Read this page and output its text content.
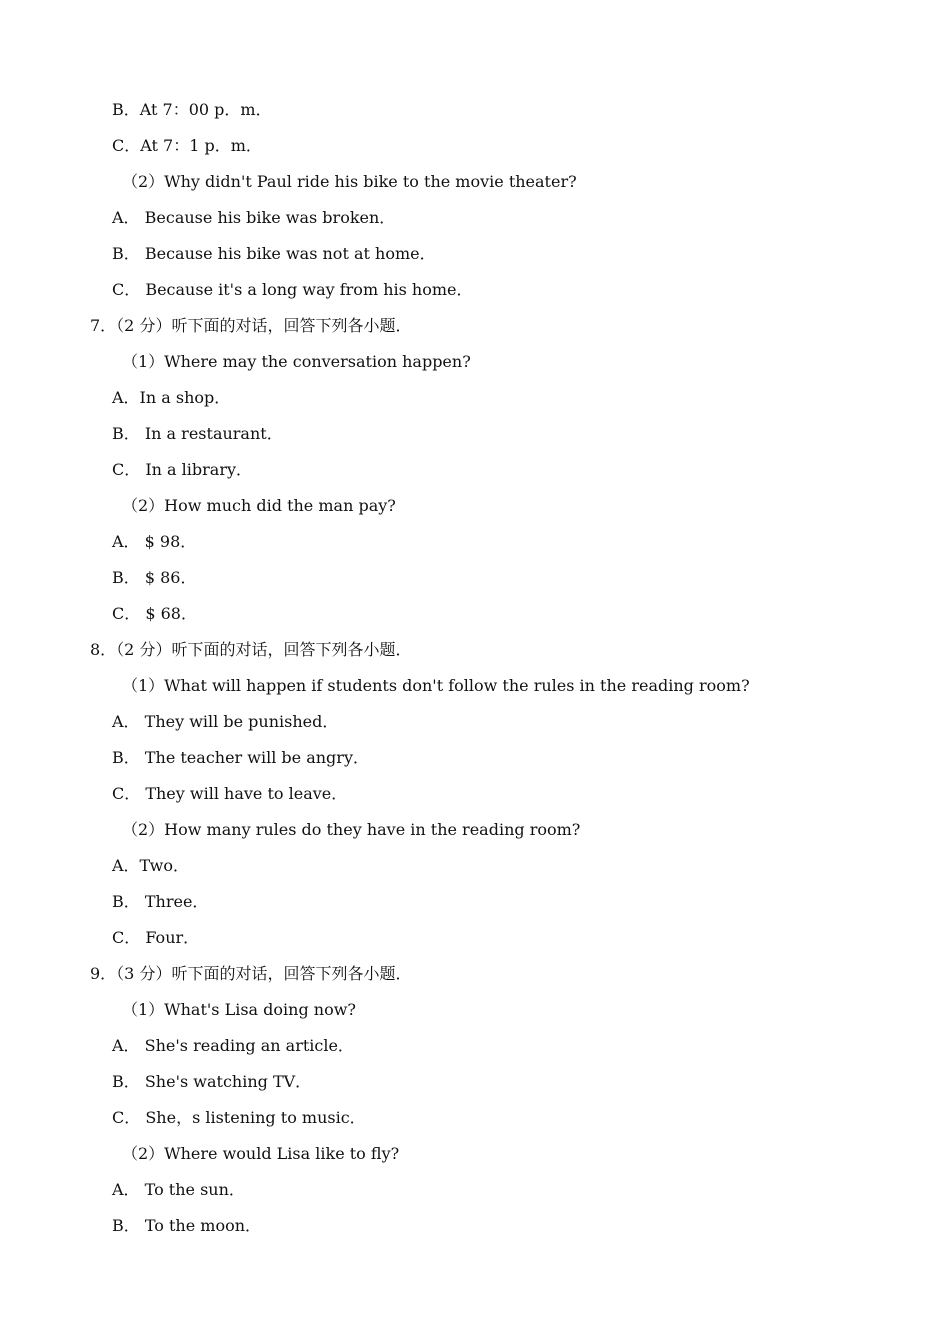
B．At 7：00 p．m．
C．At 7：1 p．m．
（2）Why didn't Paul ride his bike to the movie theater?
A． Because his bike was broken．
B． Because his bike was not at home．
C． Because it's a long way from his home．
7．（2 分）听下面的对话，回答下列各小题．
（1）Where may the conversation happen?
A．In a shop．
B． In a restaurant．
C． In a library．
（2）How much did the man pay?
A． $ 98．
B． $ 86．
C． $ 68．
8．（2 分）听下面的对话，回答下列各小题．
（1）What will happen if students don't follow the rules in the reading room?
A． They will be punished．
B． The teacher will be angry．
C． They will have to leave．
（2）How many rules do they have in the reading room?
A．Two．
B． Three．
C． Four．
9．（3 分）听下面的对话，回答下列各小题．
（1）What's Lisa doing now?
A． She's reading an article．
B． She's watching TV．
C． She，s listening to music．
（2）Where would Lisa like to fly?
A． To the sun．
B． To the moon．
